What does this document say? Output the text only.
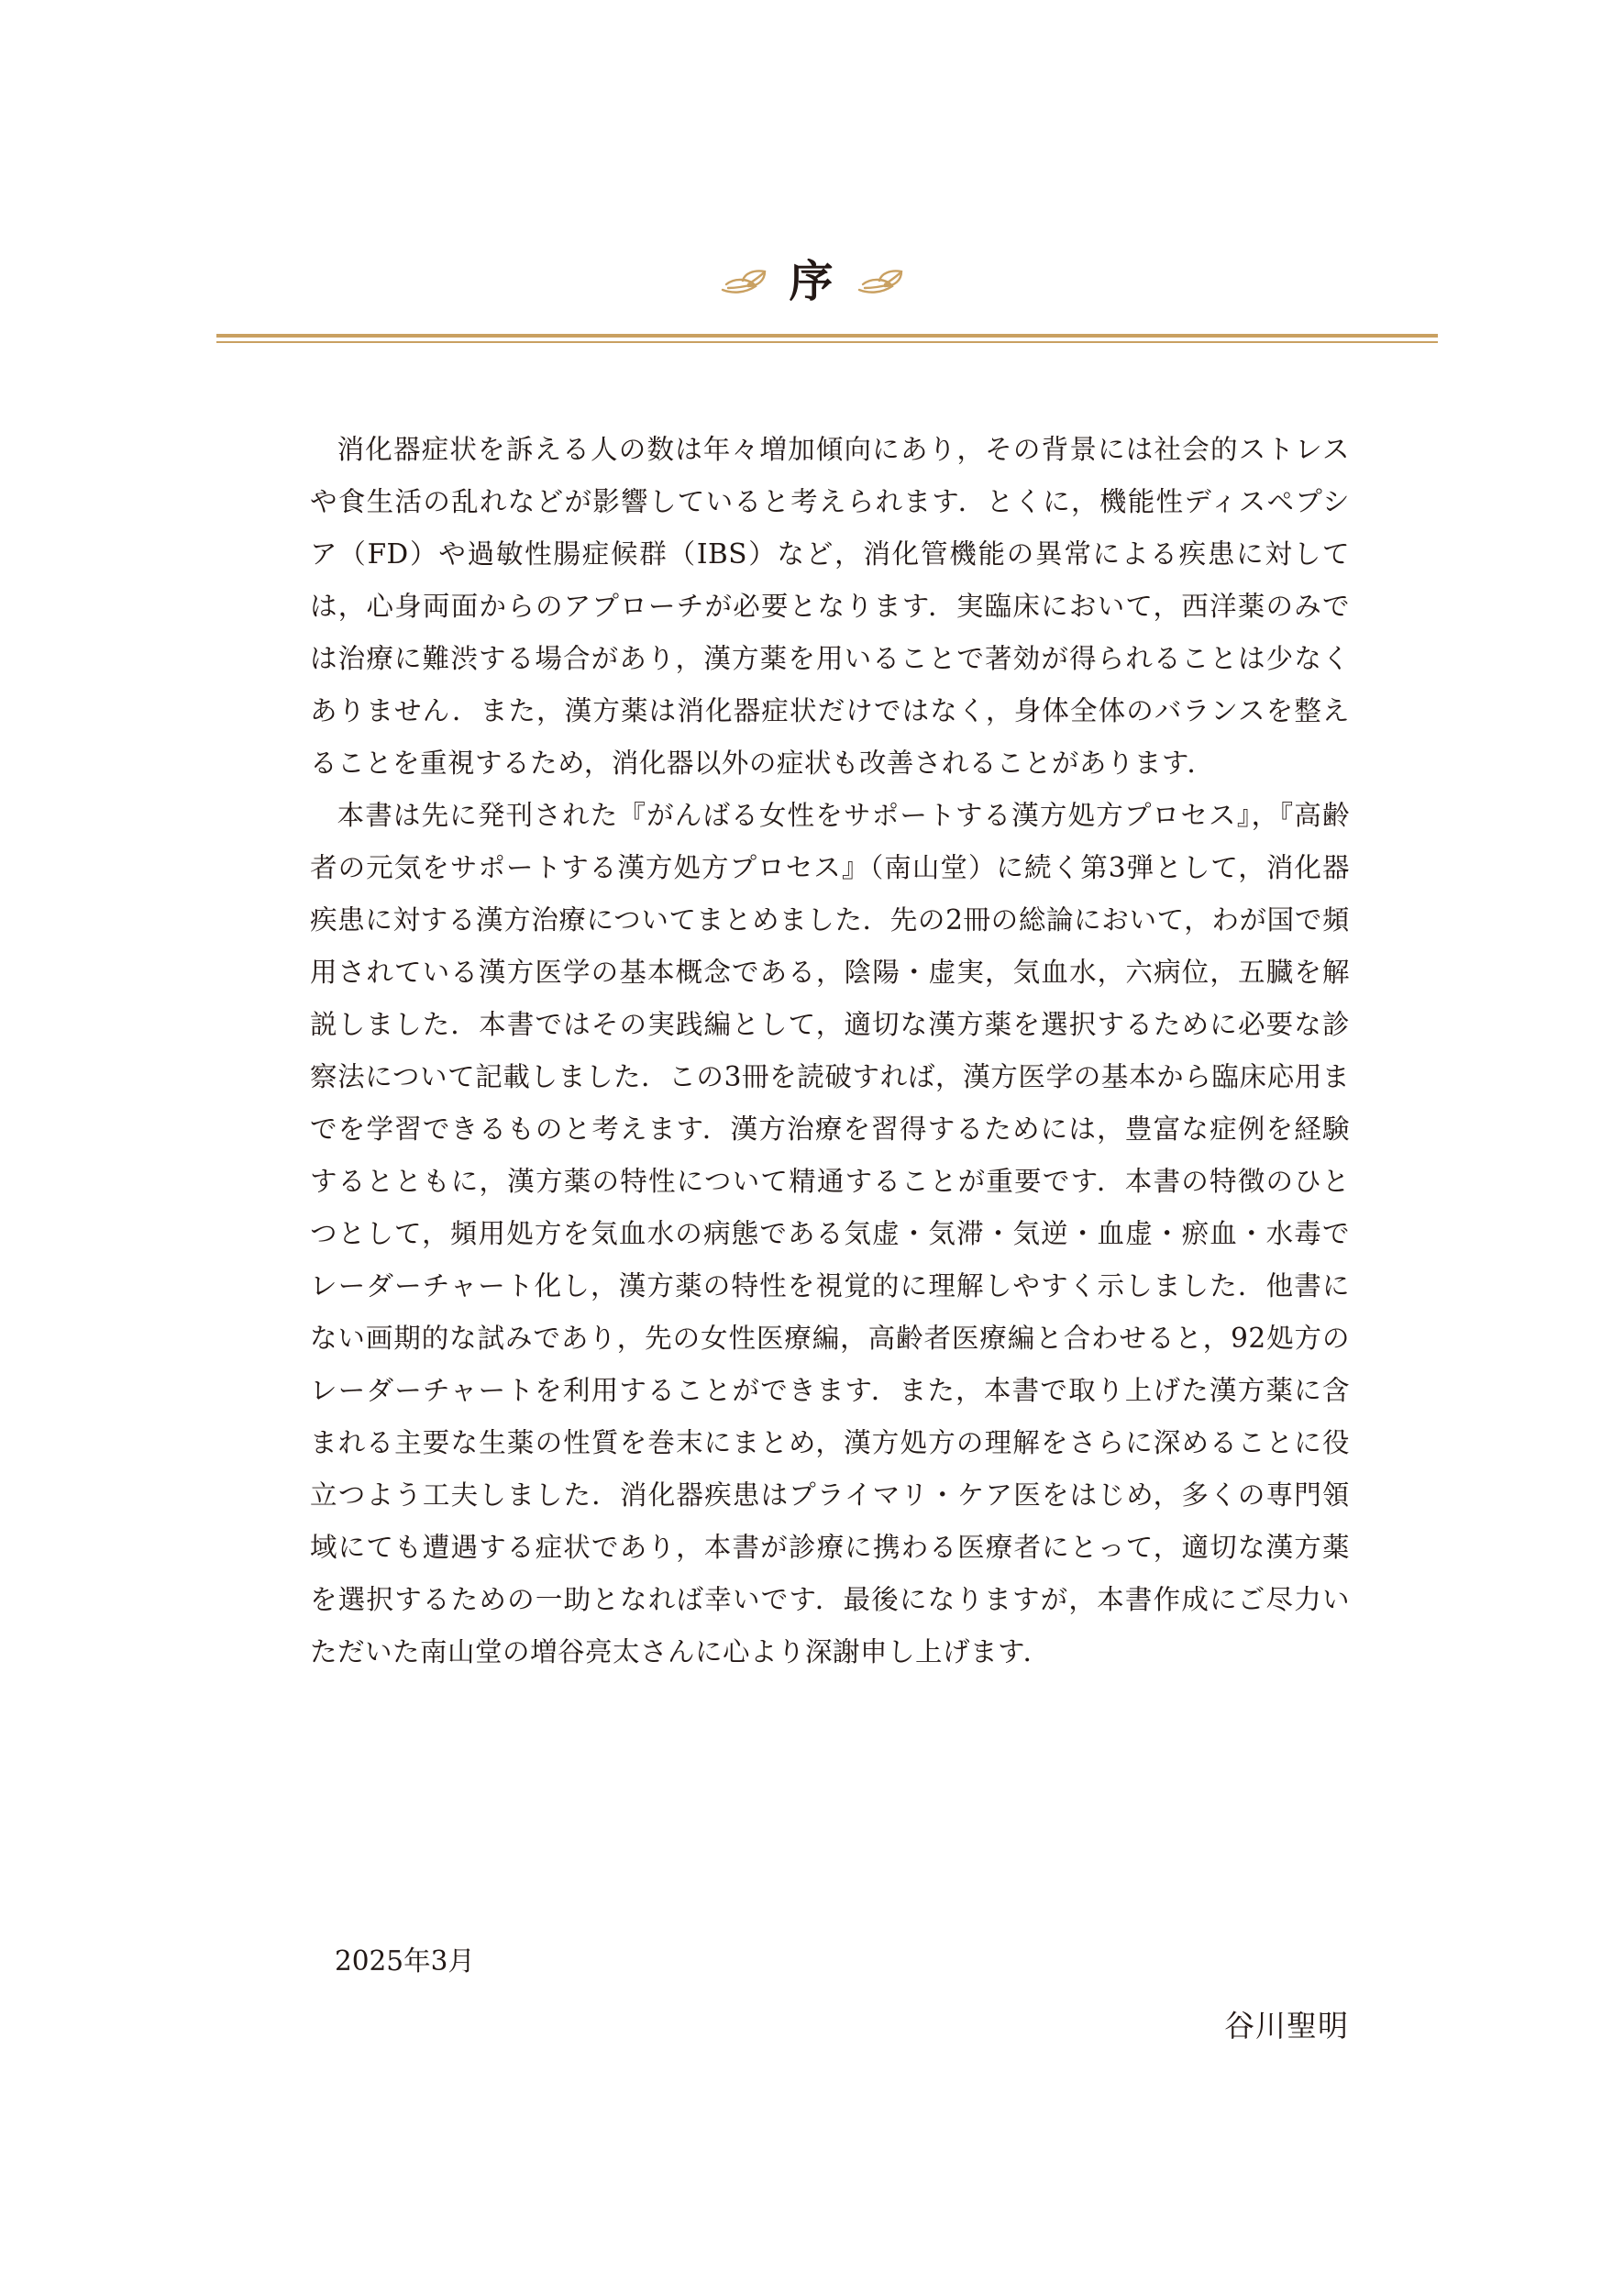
序

消化器症状を訴える人の数は年々増加傾向にあり，その背景には社会的ストレスや食生活の乱れなどが影響していると考えられます．とくに，機能性ディスペプシア（FD）や過敏性腸症候群（IBS）など，消化管機能の異常による疾患に対しては，心身両面からのアプローチが必要となります．実臨床において，西洋薬のみでは治療に難渋する場合があり，漢方薬を用いることで著効が得られることは少なくありません．また，漢方薬は消化器症状だけではなく，身体全体のバランスを整えることを重視するため，消化器以外の症状も改善されることがあります．

本書は先に発刊された『がんばる女性をサポートする漢方処方プロセス』，『高齢者の元気をサポートする漢方処方プロセス』（南山堂）に続く第3弾として，消化器疾患に対する漢方治療についてまとめました．先の2冊の総論において，わが国で頻用されている漢方医学の基本概念である，陰陽・虚実，気血水，六病位，五臓を解説しました．本書ではその実践編として，適切な漢方薬を選択するために必要な診察法について記載しました．この3冊を読破すれば，漢方医学の基本から臨床応用までを学習できるものと考えます．漢方治療を習得するためには，豊富な症例を経験するとともに，漢方薬の特性について精通することが重要です．本書の特徴のひとつとして，頻用処方を気血水の病態である気虚・気滞・気逆・血虚・瘀血・水毒でレーダーチャート化し，漢方薬の特性を視覚的に理解しやすく示しました．他書にない画期的な試みであり，先の女性医療編，高齢者医療編と合わせると，92処方のレーダーチャートを利用することができます．また，本書で取り上げた漢方薬に含まれる主要な生薬の性質を巻末にまとめ，漢方処方の理解をさらに深めることに役立つよう工夫しました．消化器疾患はプライマリ・ケア医をはじめ，多くの専門領域にても遭遇する症状であり，本書が診療に携わる医療者にとって，適切な漢方薬を選択するための一助となれば幸いです．最後になりますが，本書作成にご尽力いただいた南山堂の増谷亮太さんに心より深謝申し上げます．

2025年3月
谷川聖明
